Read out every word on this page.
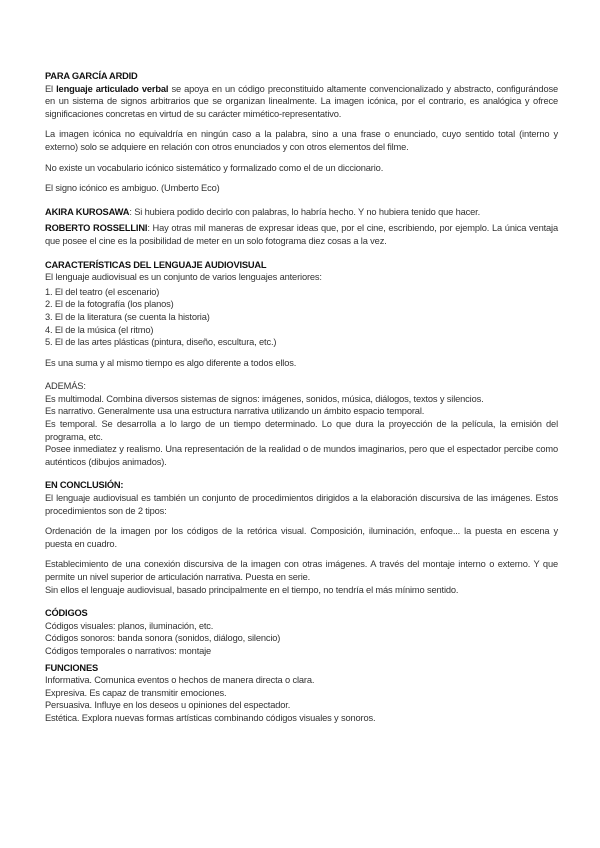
PARA GARCÍA ARDID

El lenguaje articulado verbal se apoya en un código preconstituido altamente convencionalizado y abstracto, configurándose en un sistema de signos arbitrarios que se organizan linealmente. La imagen icónica, por el contrario, es analógica y ofrece significaciones concretas en virtud de su carácter mimético-representativo.

La imagen icónica no equivaldría en ningún caso a la palabra, sino a una frase o enunciado, cuyo sentido total (interno y externo) solo se adquiere en relación con otros enunciados y con otros elementos del filme.

No existe un vocabulario icónico sistemático y formalizado como el de un diccionario.

El signo icónico es ambiguo. (Umberto Eco)

AKIRA KUROSAWA: Si hubiera podido decirlo con palabras, lo habría hecho. Y no hubiera tenido que hacer.

ROBERTO ROSSELLINI: Hay otras mil maneras de expresar ideas que, por el cine, escribiendo, por ejemplo. La única ventaja que posee el cine es la posibilidad de meter en un solo fotograma diez cosas a la vez.

CARACTERÍSTICAS DEL LENGUAJE AUDIOVISUAL

El lenguaje audiovisual es un conjunto de varios lenguajes anteriores:

1. El del teatro (el escenario)
2. El de la fotografía (los planos)
3. El de la literatura (se cuenta la historia)
4. El de la música (el ritmo)
5. El de las artes plásticas (pintura, diseño, escultura, etc.)

Es una suma y al mismo tiempo es algo diferente a todos ellos.

ADEMÁS:

Es multimodal. Combina diversos sistemas de signos: imágenes, sonidos, música, diálogos, textos y silencios.

Es narrativo. Generalmente usa una estructura narrativa utilizando un ámbito espacio temporal.

Es temporal. Se desarrolla a lo largo de un tiempo determinado. Lo que dura la proyección de la película, la emisión del programa, etc.

Posee inmediatez y realismo. Una representación de la realidad o de mundos imaginarios, pero que el espectador percibe como auténticos (dibujos animados).

EN CONCLUSIÓN:

El lenguaje audiovisual es también un conjunto de procedimientos dirigidos a la elaboración discursiva de las imágenes. Estos procedimientos son de 2 tipos:

Ordenación de la imagen por los códigos de la retórica visual. Composición, iluminación, enfoque... la puesta en escena y puesta en cuadro.

Establecimiento de una conexión discursiva de la imagen con otras imágenes. A través del montaje interno o externo. Y que permite un nivel superior de articulación narrativa. Puesta en serie.

Sin ellos el lenguaje audiovisual, basado principalmente en el tiempo, no tendría el más mínimo sentido.

CÓDIGOS

Códigos visuales: planos, iluminación, etc.

Códigos sonoros: banda sonora (sonidos, diálogo, silencio)

Códigos temporales o narrativos: montaje

FUNCIONES

Informativa. Comunica eventos o hechos de manera directa o clara.

Expresiva. Es capaz de transmitir emociones.

Persuasiva. Influye en los deseos u opiniones del espectador.

Estética. Explora nuevas formas artísticas combinando códigos visuales y sonoros.
